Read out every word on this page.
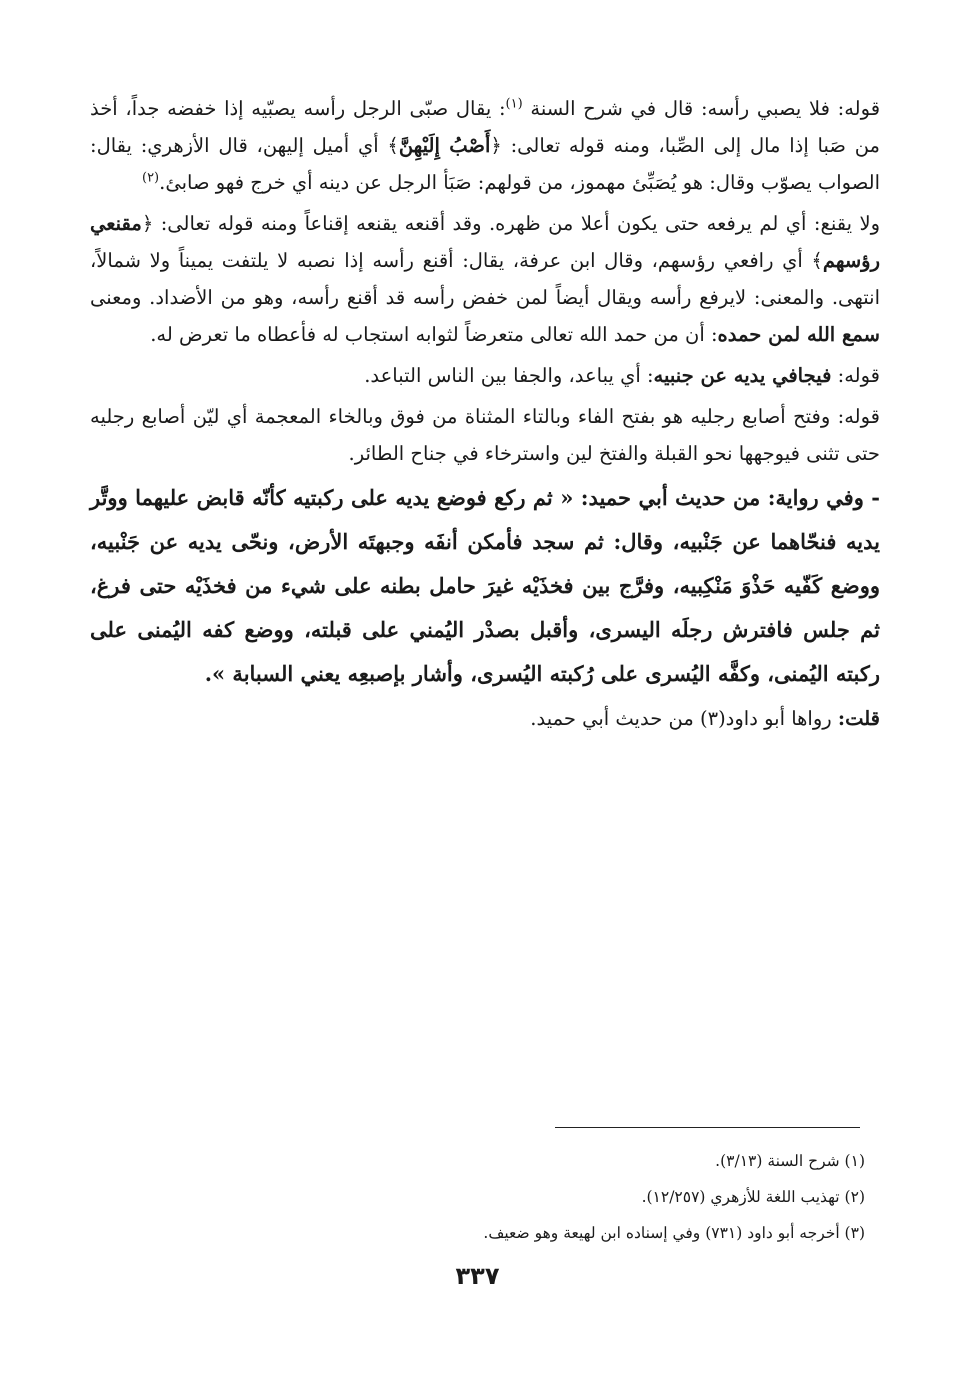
قوله: فلا يصبي رأسه: قال في شرح السنة $^{(١)}$: يقال صبّى الرجل رأسه يصبّيه إذا خفضه جداً، أخذ من صَبا إذا مال إلى الصِّبا، ومنه قوله تعالى: ﴿أَصْبُ إِلَيْهِنَّ﴾ أي أميل إليهن، قال الأزهري: يقال: الصواب يصوّب وقال: هو يُصَبِّئ مهموز، من قولهم: صَبَأ الرجل عن دينه أي خرج فهو صابئ.$^{(٢)}$

ولا يقنع: أي لم يرفعه حتى يكون أعلا من ظهره. وقد أقنعه يقنعه إقناعاً ومنه قوله تعالى: ﴿مقنعي رؤسهم﴾ أي رافعي رؤسهم، وقال ابن عرفة، يقال: أقنع رأسه إذا نصبه لا يلتفت يميناً ولا شمالاً، انتهى. والمعنى: لايرفع رأسه ويقال أيضاً لمن خفض رأسه قد أقنع رأسه، وهو من الأضداد. ومعنى سمع الله لمن حمده: أن من حمد الله تعالى متعرضاً لثوابه استجاب له فأعطاه ما تعرض له.

قوله: فيجافي يديه عن جنبيه: أي يباعد، والجفا بين الناس التباعد.

قوله: وفتح أصابع رجليه هو بفتح الفاء وبالتاء المثناة من فوق وبالخاء المعجمة أي ليّن أصابع رجليه حتى تثنى فيوجهها نحو القبلة والفتخ لين واسترخاء في جناح الطائر.

- وفي رواية: من حديث أبي حميد: « ثم ركع فوضع يديه على ركبتيه كأنّه قابض عليهما ووتَّر يديه فنحّاهما عن جَنْبيه، وقال: ثم سجد فأمكن أنفَه وجبهتَه الأرض، ونحّى يديه عن جَنْبيه، ووضع كَفّيه حَذْوَ مَنْكِبيه، وفرَّج بين فخذَيْه غيرَ حامل بطنه على شيء من فخذَيْه حتى فرغ، ثم جلس فافترش رجلَه اليسرى، وأقبل بصدْر اليُمني على قبلته، ووضع كفه اليُمنى على ركبته اليُمنى، وكفَّه اليُسرى على رُكبته اليُسرى، وأشار بإصبعِه يعني السبابة ».

قلت: رواها أبو داود(٣) من حديث أبي حميد.

(١) شرح السنة (٣/١٣).

(٢) تهذيب اللغة للأزهري (١٢/٢٥٧).

(٣) أخرجه أبو داود (٧٣١) وفي إسناده ابن لهيعة وهو ضعيف.

٣٣٧
